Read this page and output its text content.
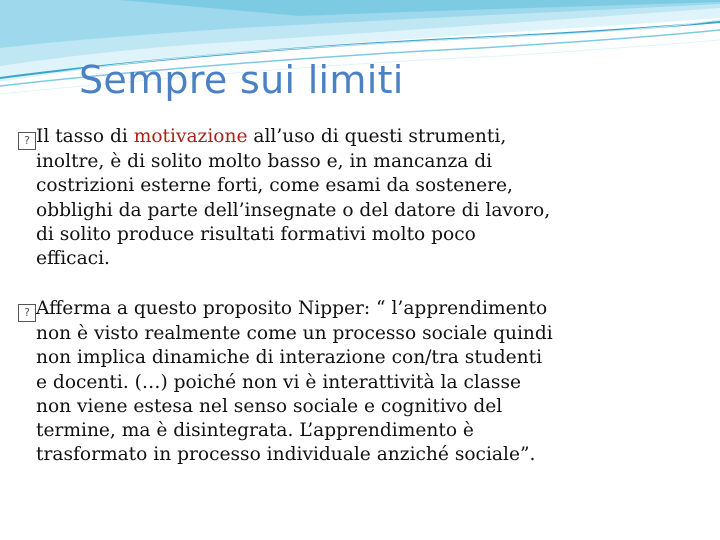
Sempre sui limiti
? Il tasso di motivazione all’uso di questi strumenti,
inoltre, è di solito molto basso e, in mancanza di
costrizioni esterne forti, come esami da sostenere,
obblighi da parte dell’insegnate o del datore di lavoro,
di solito produce risultati formativi molto poco
efficaci.
? Afferma a questo proposito Nipper: “ l’apprendimento
non è visto realmente come un processo sociale quindi
non implica dinamiche di interazione con/tra studenti
e docenti. (…) poiché non vi è interattività la classe
non viene estesa nel senso sociale e cognitivo del
termine, ma è disintegrata. L’apprendimento è
trasformato in processo individuale anziché sociale”.
